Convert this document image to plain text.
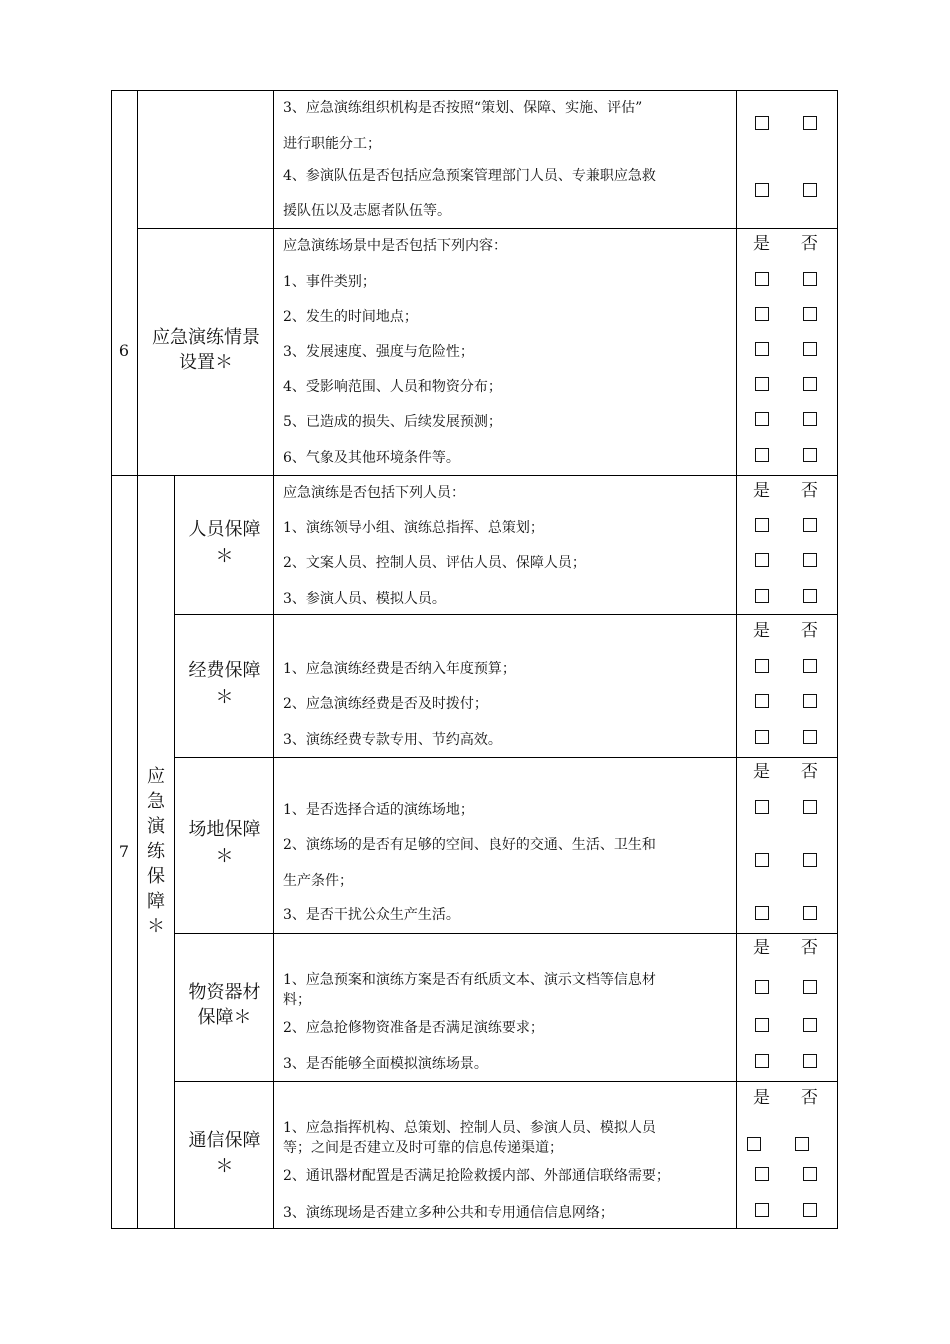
3、应急演练组织机构是否按照“策划、保障、实施、评估”
进行职能分工；
4、参演队伍是否包括应急预案管理部门人员、专兼职应急救
援队伍以及志愿者队伍等。
6
应急演练情景
设置＊
应急演练场景中是否包括下列内容：	是 否
1、事件类别；
2、发生的时间地点；
3、发展速度、强度与危险性；
4、受影响范围、人员和物资分布；
5、已造成的损失、后续发展预测；
6、气象及其他环境条件等。
7
应
急
演
练
保
障
＊
人员保障
＊
应急演练是否包括下列人员：	是 否
1、演练领导小组、演练总指挥、总策划；
2、文案人员、控制人员、评估人员、保障人员；
3、参演人员、模拟人员。
经费保障
＊
是 否
1、应急演练经费是否纳入年度预算；
2、应急演练经费是否及时拨付；
3、演练经费专款专用、节约高效。
场地保障
＊
是 否
1、是否选择合适的演练场地；
2、演练场的是否有足够的空间、良好的交通、生活、卫生和
生产条件；
3、是否干扰公众生产生活。
物资器材
保障＊
是 否
1、应急预案和演练方案是否有纸质文本、演示文档等信息材
料；
2、应急抢修物资准备是否满足演练要求；
3、是否能够全面模拟演练场景。
通信保障
＊
是 否
1、应急指挥机构、总策划、控制人员、参演人员、模拟人员
等；之间是否建立及时可靠的信息传递渠道；
2、通讯器材配置是否满足抢险救援内部、外部通信联络需要；
3、演练现场是否建立多种公共和专用通信信息网络；
